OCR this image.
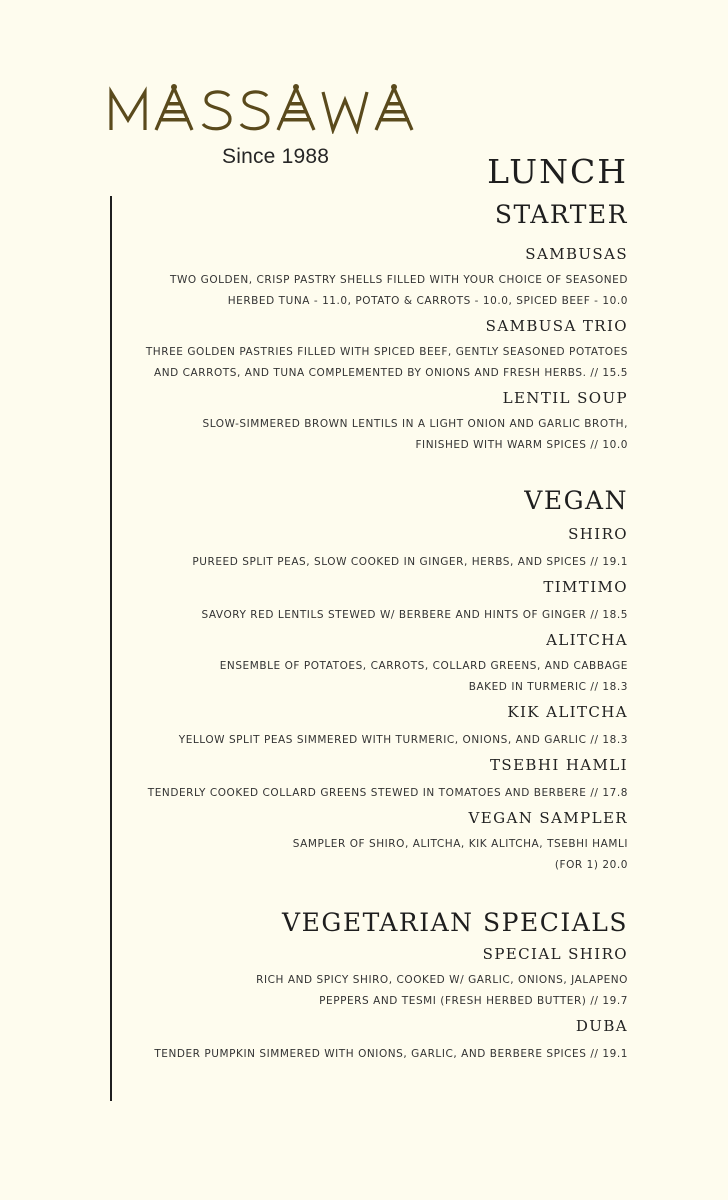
Since 1988	LUNCH
STARTER
SAMBUSAS
TWO GOLDEN, CRISP PASTRY SHELLS FILLED WITH YOUR CHOICE OF SEASONED
HERBED TUNA - 11.0, POTATO & CARROTS - 10.0, SPICED BEEF - 10.0
SAMBUSA TRIO
THREE GOLDEN PASTRIES FILLED WITH SPICED BEEF, GENTLY SEASONED POTATOES
AND CARROTS, AND TUNA COMPLEMENTED BY ONIONS AND FRESH HERBS. // 15.5
LENTIL SOUP
SLOW-SIMMERED BROWN LENTILS IN A LIGHT ONION AND GARLIC BROTH,
FINISHED WITH WARM SPICES // 10.0
VEGAN
SHIRO
PUREED SPLIT PEAS, SLOW COOKED IN GINGER, HERBS, AND SPICES // 19.1
TIMTIMO
SAVORY RED LENTILS STEWED W/ BERBERE AND HINTS OF GINGER // 18.5
ALITCHA
ENSEMBLE OF POTATOES, CARROTS, COLLARD GREENS, AND CABBAGE
BAKED IN TURMERIC // 18.3
KIK ALITCHA
YELLOW SPLIT PEAS SIMMERED WITH TURMERIC, ONIONS, AND GARLIC // 18.3
TSEBHI HAMLI
TENDERLY COOKED COLLARD GREENS STEWED IN TOMATOES AND BERBERE // 17.8
VEGAN SAMPLER
SAMPLER OF SHIRO, ALITCHA, KIK ALITCHA, TSEBHI HAMLI
(FOR 1) 20.0
VEGETARIAN SPECIALS
SPECIAL SHIRO
RICH AND SPICY SHIRO, COOKED W/ GARLIC, ONIONS, JALAPENO
PEPPERS AND TESMI (FRESH HERBED BUTTER) // 19.7
DUBA
TENDER PUMPKIN SIMMERED WITH ONIONS, GARLIC, AND BERBERE SPICES // 19.1
